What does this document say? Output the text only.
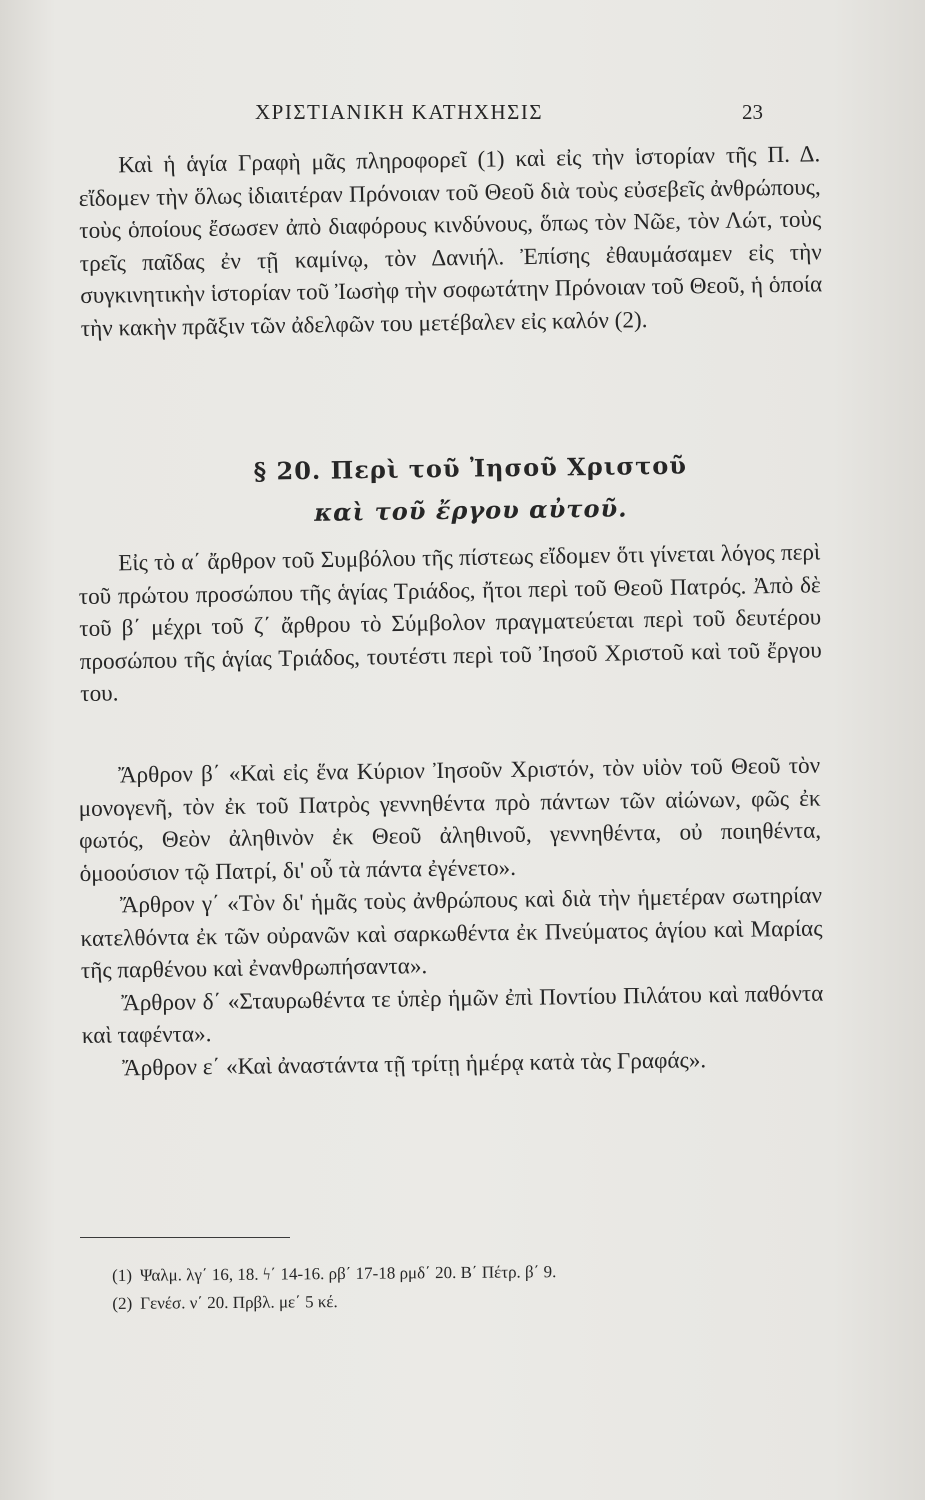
ΧΡΙΣΤΙΑΝΙΚΗ ΚΑΤΗΧΗΣΙΣ	23

Καὶ ἡ ἁγία Γραφὴ μᾶς πληροφορεῖ (1) καὶ εἰς τὴν ἱστορίαν τῆς Π. Δ. εἴδομεν τὴν ὅλως ἰδιαιτέραν Πρόνοιαν τοῦ Θεοῦ διὰ τοὺς εὐσεβεῖς ἀνθρώπους, τοὺς ὁποίους ἔσωσεν ἀπὸ διαφόρους κινδύνους, ὅπως τὸν Νῶε, τὸν Λώτ, τοὺς τρεῖς παῖδας ἐν τῇ καμίνῳ, τὸν Δανιήλ. Ἐπίσης ἐθαυμάσαμεν εἰς τὴν συγκινητικὴν ἱστορίαν τοῦ Ἰωσὴφ τὴν σοφωτάτην Πρόνοιαν τοῦ Θεοῦ, ἡ ὁποία τὴν κακὴν πρᾶξιν τῶν ἀδελφῶν του μετέβαλεν εἰς καλόν (2).

§ 20. Περὶ τοῦ Ἰησοῦ Χριστοῦ
καὶ τοῦ ἔργου αὐτοῦ.

Εἰς τὸ α΄ ἄρθρον τοῦ Συμβόλου τῆς πίστεως εἴδομεν ὅτι γίνεται λόγος περὶ τοῦ πρώτου προσώπου τῆς ἁγίας Τριάδος, ἤτοι περὶ τοῦ Θεοῦ Πατρός. Ἀπὸ δὲ τοῦ β΄ μέχρι τοῦ ζ΄ ἄρθρου τὸ Σύμβολον πραγματεύεται περὶ τοῦ δευτέρου προσώπου τῆς ἁγίας Τριάδος, τουτέστι περὶ τοῦ Ἰησοῦ Χριστοῦ καὶ τοῦ ἔργου του.

Ἄρθρον β΄ «Καὶ εἰς ἕνα Κύριον Ἰησοῦν Χριστόν, τὸν υἱὸν τοῦ Θεοῦ τὸν μονογενῆ, τὸν ἐκ τοῦ Πατρὸς γεννηθέντα πρὸ πάντων τῶν αἰώνων, φῶς ἐκ φωτός, Θεὸν ἀληθινὸν ἐκ Θεοῦ ἀληθινοῦ, γεννηθέντα, οὐ ποιηθέντα, ὁμοούσιον τῷ Πατρί, δι' οὗ τὰ πάντα ἐγένετο».

Ἄρθρον γ΄ «Τὸν δι' ἡμᾶς τοὺς ἀνθρώπους καὶ διὰ τὴν ἡμετέραν σωτηρίαν κατελθόντα ἐκ τῶν οὐρανῶν καὶ σαρκωθέντα ἐκ Πνεύματος ἁγίου καὶ Μαρίας τῆς παρθένου καὶ ἐνανθρωπήσαντα».

Ἄρθρον δ΄ «Σταυρωθέντα τε ὑπὲρ ἡμῶν ἐπὶ Ποντίου Πιλάτου καὶ παθόντα καὶ ταφέντα».

Ἄρθρον ε΄ «Καὶ ἀναστάντα τῇ τρίτῃ ἡμέρᾳ κατὰ τὰς Γραφάς».

(1) Ψαλμ. λγ΄ 16, 18. ϟ΄ 14-16. ρβ΄ 17-18 ρμδ΄ 20. Β΄ Πέτρ. β΄ 9.
(2) Γενέσ. ν΄ 20. Πρβλ. με΄ 5 κέ.
